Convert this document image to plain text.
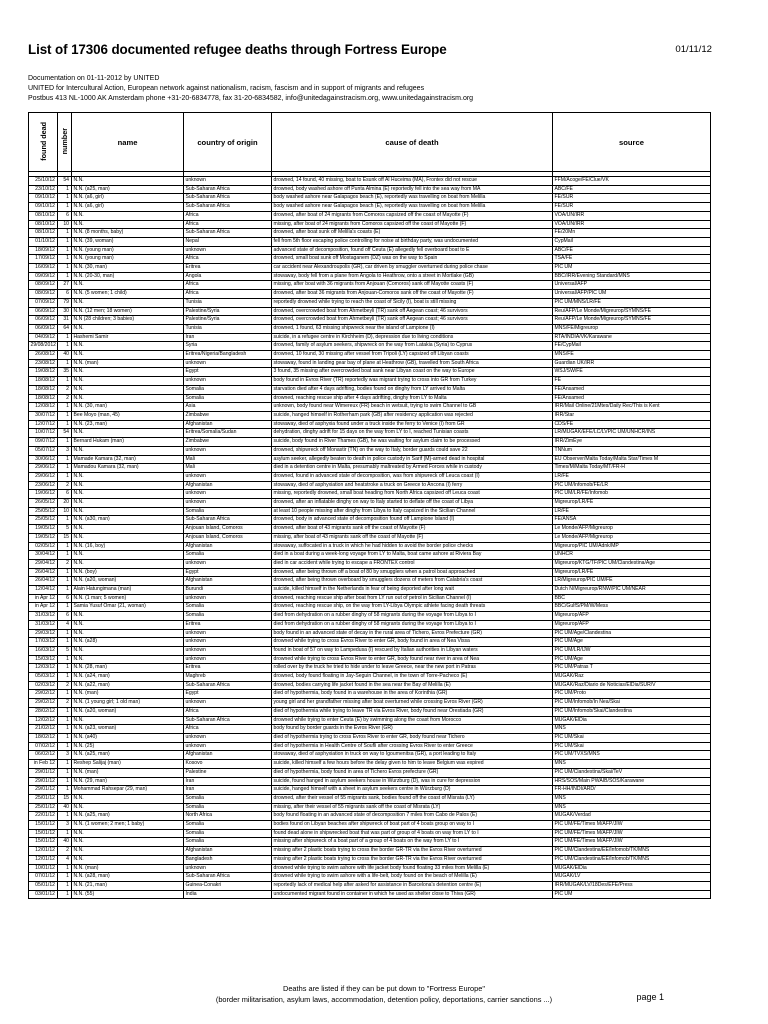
List of 17306 documented refugee deaths through Fortress Europe	01/11/12
Documentation on 01-11-2012 by UNITED
UNITED for Intercultural Action, European network against nationalism, racism, fascism and in support of migrants and refugees
Postbus 413 NL-1000 AK Amsterdam phone +31-20-6834778, fax 31-20-6834582, info@unitedagainstracism.org, www.unitedagainstracism.org
found dead	number	name	country of origin	cause of death	source

25/10/12	54	N.N.	unknown	drowned, 14 found, 40 missing, boat to Esunk off Al Huceima (MA), Frontex did not rescue	FFM/Acoge/FE/Clue/VK
23/10/12	1	N.N. (a25, man)	Sub-Saharan Africa	drowned, body washed ashore off Punta Almina (E) reportedly fell into the sea way from MA	ABC/FE
09/10/12	1	N.N. (a6, girl)	Sub-Saharan Africa	body washed ashore near Galapagos beach (E), reportedly was travelling on boat from Melilla	FE/SUR
09/10/12	1	N.N. (a6, girl)	Sub-Saharan Africa	body washed ashore near Galapagos beach (E), reportedly was travelling on boat from Melilla	FE/SUR
08/10/12	6	N.N.	Africa	drowned, after boat of 24 migrants from Comoros capsized off the coast of Mayotte (F)	VOA/UN/IRR
08/10/12	10	N.N.	Africa	missing, after boat of 24 migrants from Comoros capsized off the coast of Mayotte (F)	VOA/UN/IRR
08/10/12	1	N.N. (8 months, baby)	Sub-Saharan Africa	drowned, after boat sunk off Melilla's coasts (E)	FE/20Mn
01/10/12	1	N.N. (39, woman)	Nepal	fell from 5th floor escaping police controlling for noise at birthday party, was undocumented	CypMail
18/09/12	1	N.N. (young man)	unknown	advanced state of decomposition, found off Ceuta (E) allegedly fell overboard boat to E	ABC/FE
17/09/12	1	N.N. (young man)	Africa	drowned, small boat sunk off Mostaganem (DZ) was on the way to Spain	TSA/FE
16/09/12	1	N.N. (30, man)	Eritrea	car accident near Alexandroupolis (GR), car driven by smuggler overturned during police chase	PIC UM
09/09/12	1	N.N. (20-30, man)	Angola	stowaway, body fell from a plane from Angola to Heathrow, onto a street in Mortlake (GB)	BBC/IRR/Evening Standard/MNS
08/09/12	27	N.N.	Africa	missing, after boat with 36 migrants from Anjouan (Comoros) sank off Mayotte coasts (F)	Universal/AFP
08/09/12	6	N.N. (5 women; 1 child)	Africa	drowned, after boat 36 migrants from Anjouan-Comoros sank off the coast of Mayotte (F)	Universal/AFP/PIC UM
07/09/12	79	N.N.	Tunisia	reportedly drowned while trying to reach the coast of Sicily (I), boat is still missing	PIC UM/MNS/LR/FE
06/09/12	30	N.N. (12 men; 18 women)	Palestine/Syria	drowned, overcrowded boat from Ahmetbeyli (TR) sank off Aegean coast; 46 survivors	Reu/AFP/Le Monde/Migreurop/SYMNS/FE
06/09/12	31	N.N (28 children; 3 babies)	Palestine/Syria	drowned, overcrowded boat from Ahmetbeyli (TR) sank off Aegean coast; 46 survivors	Reu/AFP/Le Monde/Migreurop/SYMNS/FE
06/09/12	64	N.N.	Tunisia	drowned, 1 found, 63 missing shipwreck near the island of Lampione (I)	MNS/FE/Migreurop
04/09/12	1	Hashemi Samir	Iran	suicide, in a refugee centre in Kirchheim (D), depression due to living conditions	RTA/INDIA/VK/Karawane
29/08/2012	1	N.N.	Syria	drowned, family of asylum seekers, shipwreck on the way from Latakia (Syria) to Cyprus	FE/CypMail
26/08/12	40	N.N.	Eritrea/Nigeria/Bangladesh	drowned, 10 found, 30 missing after vessel from Tripoli (LY) capsized off Libyan coasts	MNS/FE
23/08/12	1	N.N. (man)	unknown	stowaway, found in landing gear bay of plane at Heathrow (GB), travelled from South Africa	Guardian UK/IRR
19/08/12	35	N.N.	Egypt	3 found, 35 missing after overcrowded boat sank near Libyan coast on the way to Europe	WSJ/SW/FE
18/08/12	1	N.N.	unknown	body found in Evros River (TR) reportedly was migrant trying to cross into GR from Turkey	FE
18/08/12	2	N.N.	Somalia	starvation died after 4 days adrifting, bodies found on dinghy from LY arrived to Malta	FE/Ansamed
18/08/12	2	N.N.	Somalia	drowned, reaching rescue ship after 4 days adrifting, dinghy from LY to Malta	FE/Ansamed
12/08/12	1	N.N. (30, man)	Asia	unknown, body found near Wimereux (FR) beach in wetsuit, trying to swim Channel to GB	IRR/Mail Online/21Mtes/Daily Rec/This is Kent
30/07/12	1	Bee Moyo (man, 45)	Zimbabwe	suicide, hanged himself in Rotherham park (GB) after residency application was rejected	IRR/Star
12/07/12	1	N.N. (23, man)	Afghanistan	stowaway, died of asphyxia found under a truck inside the ferry to Venice (I) from GR	CDS/FE
10/07/12	54	N.N.	Eritrea/Somalia/Sudan	dehydration, dinghy adrift for 15 days on the way from LY to I, reached Tunisian coasts	LR/MUGAK/EFE/LC/LVPIC UM/UNHCR/INS
09/07/12	1	Bernard Hukam (man)	Zimbabwe	suicide, body found in River Thames (GB), he was waiting for asylum claim to be processed	IRR/ZimEye
05/07/12	3	N.N.	unknown	drowned, shipwreck off Monastir (TN) on the way to Italy, border guards could save 22	TNNum
30/06/12	1	Mamade Kamara (32, man)	Mali	asylum seeker, allegedly beaten to death in police custody in Sarif (M)-armed dead in hospital	EU Observer/Malta Today/Malta Star/Times M
29/06/12	1	Mamadou Kamara (32, man)	Mali	died in a detention centre in Malta, presumably maltreated by Armed Forces while in custody	Times/M/Malta Today/MT/FR-H
29/06/12	1	N.N.	unknown	drowned, found in advanced state of decomposition, was from shipwreck off Leuca coast (I)	LR/FE
23/06/12	2	N.N.	Afghanistan	stowaway, died of asphyxiation and heatstroke a truck on Greece to Ancona (I) ferry	PIC UM/Infomob/FE/LR
19/06/12	6	N.N.	unknown	missing, reportedly drowned, small boat heading from North Africa capsized off Leuca coast	PIC UM/LR/FE/Infomob
26/05/12	20	N.N.	unknown	drowned, after an inflatable dinghy on way to Italy started to deflate off the coast of Libya	Migreurop/LR/FE
25/05/12	10	N.N.	Somalia	at least 10 people missing after dinghy from Libya to Italy capsized in the Sicilian Channel	LR/FE
25/05/12	1	N.N. (a30, man)	Sub-Saharan Africa	drowned, body in advanced state of decomposition found off Lampione Island (I)	FE/ANSA
19/05/12	5	N.N.	Anjouan Island, Comoros	drowned, after boat of 43 migrants sank off the coast of Mayotte (F)	Le Monde/AFP/Migreurop
19/05/12	15	N.N.	Anjouan Island, Comoros	missing, after boat of 43 migrants sank off the coast of Mayotte (F)	Le Monde/AFP/Migreurop
02/05/12	1	N.N. (16, boy)	Afghanistan	stowaway, suffocated in a truck in which he had hidden to avoid the border police checks	Migreurop/PIC UM/Adnk/MP
30/04/12	1	N.N.	Somalia	died in a boat during a week-long voyage from LY to Malta, boat came ashore at Riviera Bay	UNHCR
29/04/12	2	N.N.	unknown	died in car accident while trying to escape a FRONTEX control	Migreurop/KTG/TF/PIC UM/Clandestina/Age
26/04/12	1	N.N. (boy)	Egypt	drowned, after being thrown off a boat of 80 by smugglers when a patrol boat approached	Migreurop/LR/FE
26/04/12	1	N.N. (a20, woman)	Afghanistan	drowned, after being thrown overboard by smugglers dozens of meters from Calabria's coast	LR/Migreurop/PIC UM/FE
12/04/12	1	Alain Hatungimana (man)	Burundi	suicide, killed himself in the Netherlands in fear of being deported after long wait	Dutch N/Migreurop/RNW/PIC UM/NEAR
in Apr 12	6	N.N. (1 man; 5 women)	unknown	drowned, reaching rescue ship after boat from LY run out of petrol in Sicilian Channel (I)	BBC
in Apr 12	1	Samia Yusuf Omar (21, woman)	Somalia	drowned, reaching rescue ship, on the way from LY-Libya Olympic athlete facing death threats	BBC/GulfS/PM/W/Mess
31/03/12	6	N.N.	Somalia	died from dehydration on a rubber dinghy of 58 migrants during the voyage from Libya to I	Migreurop/AFP
31/03/12	4	N.N.	Eritrea	died from dehydration on a rubber dinghy of 58 migrants during the voyage from Libya to I	Migreurop/AFP
29/03/12	1	N.N.	unknown	body found in an advanced state of decay in the rural area of Tichero, Evros Prefecture (GR)	PIC UM/Age/Clandestina
17/03/12	1	N.N. (a28)	unknown	drowned while trying to cross Evros River to enter GR, body found in area of Nea Vissa	PIC UM/Age
16/03/12	5	N.N.	unknown	found in boat of 57 on way to Lampedusa (I) rescued by Italian authorities in Libyan waters	PIC UM/LR/IJW
15/03/12	1	N.N.	unknown	drowned while trying to cross Evros River to enter GR, body found near river in area of Nea	PIC UM/Age
12/03/12	1	N.N. (28, man)	Eritrea	rolled over by the truck he tried to hide under to leave Greece, near the new port in Patras	PIC UM/Patras T
05/03/12	1	N.N. (a24, man)	Maghreb	drowned, body found floating in Jay-Seguin Channel, in the town of Torre-Pacheco (E)	MUGAK/Raz
02/03/12	2	N.N. (a22, man)	Sub-Saharan Africa	drowned, bodies carrying life jacket found in the sea near the Bay of Melilla (E)	MUGAK/Raz/Diario de Noticias/ElDia/SUR/V
29/02/12	1	N.N. (man)	Egypt	died of hypothermia, body found in a warehouse in the area of Korinthia (GR)	PIC UM/Proto
29/02/12	2	N.N. (1 young girl; 1 old man)	unknown	young girl and her grandfather missing after boat overturned while crossing Evros River (GR)	PIC UM/Infomob/In Nea/Skai
28/02/12	1	N.N. (a20, woman)	Africa	died of hypothermia while trying to leave TR via Evros River, body found near Orestiada (GR)	PIC UM/Infomob/Skai/Clandestina
12/02/12	1	N.N.	Sub-Saharan Africa	drowned while trying to enter Ceuta (E) by swimming along the coast from Morocco	MUGAK/ElDia
21/02/12	1	N.N. (a23, woman)	Africa	body found by border guards in the Evros River (GR)	MNS
18/02/12	1	N.N. (a40)	unknown	died of hypothermia trying to cross Evros River to enter GR, body found near Tichero	PIC UM/Skai
07/02/12	1	N.N. (25)	unknown	died of hypothermia in Health Centre of Soufli after crossing Evros River to enter Greece	PIC UM/Skai
06/02/12	3	N.N. (a25, man)	Afghanistan	stowaway, died of asphyxiation in truck on way to Igoumenitsa (GR), a port leading to Italy	PIC UM/TVXS/MNS
in Feb 12	1	Reshep Salijaj (man)	Kosovo	suicide, killed himself a few hours before the delay given to him to leave Belgium was expired	MNS
29/01/12	1	N.N. (man)	Palestine	died of hypothermia, body found in area of Tichero Evros prefecture (GR)	PIC UM/Clandestina/Skai/TeV
29/01/12	1	N.N. (29, man)	Iran	suicide, found hanged in asylum seekers house in Wurzburg (D), was in cure for depression	HRS/SOS/Main PWAIB/SOS/Karawane
29/01/12	1	Mohammad Rahsepar (29, man)	Iran	suicide, hanged himself with a sheet in asylum seekers centre in Würzburg (D)	FR-HH/INDI/ARD/
25/01/12	15	N.N.	Somalia	drowned, after their vessel of 55 migrants sank, bodies found off the coast of Misrata (LY)	MNS
25/01/12	40	N.N.	Somalia	missing, after their vessel of 55 migrants sank off the coast of Misrata (LY)	MNS
22/01/12	1	N.N. (a25, man)	North Africa	body found floating in an advanced state of decomposition 7 miles from Cabo de Palos (E)	MUGAK/Verdad
15/01/12	3	N.N. (1 women; 2 men; 1 baby)	Somalia	bodies found on Libyan beaches after shipwreck of boat part of 4 boats group on way to I	PIC UM/FE/Times M/AFP/JIW
15/01/12	1	N.N.	Somalia	found dead alone in shipwrecked boat that was part of group of 4 boats on way from LY to I	PIC UM/FE/Times M/AFP/JIW
15/01/12	40	N.N.	Somalia	missing after shipwreck of a boat part of a group of 4 boats on the way from LY to I	PIC UM/FE/Times M/AFP/JIW
12/01/12	2	N.N.	Afghanistan	missing after 2 plastic boats trying to cross the border GR-TR via the Evros River overturned	PIC UM/Clandestina/EE/Infomob/TK/MNS
12/01/12	4	N.N.	Bangladesh	missing after 2 plastic boats trying to cross the border GR-TR via the Evros River overturned	PIC UM/Clandestina/EE/Infomob/TK/MNS
10/01/12	1	N.N. (man)	unknown	drowned while trying to swim ashore with life jacket body found floating 33 miles from Melilla (E)	MUGAK/ElDia
07/01/12	1	N.N. (a28, man)	Sub-Saharan Africa	drowned while trying to swim ashore with a life-belt, body found on the beach of Melilla (E)	MUGAK/LV
05/01/12	1	N.N. (21, man)	Guinea-Conakri	reportedly lack of medical help after asked for assistance in Barcelona's detention centre (E)	IRR/MUGAK/LV/18Des/EFE/Press
03/01/12	1	N.N. (55)	India	undocumented migrant found in container in which he used as shelter close to Thiva (GR)	PIC UM
Deaths are listed if they can be put down to "Fortress Europe"
(border militarisation, asylum laws, accommodation, detention policy, deportations, carrier sanctions ...)	page 1
